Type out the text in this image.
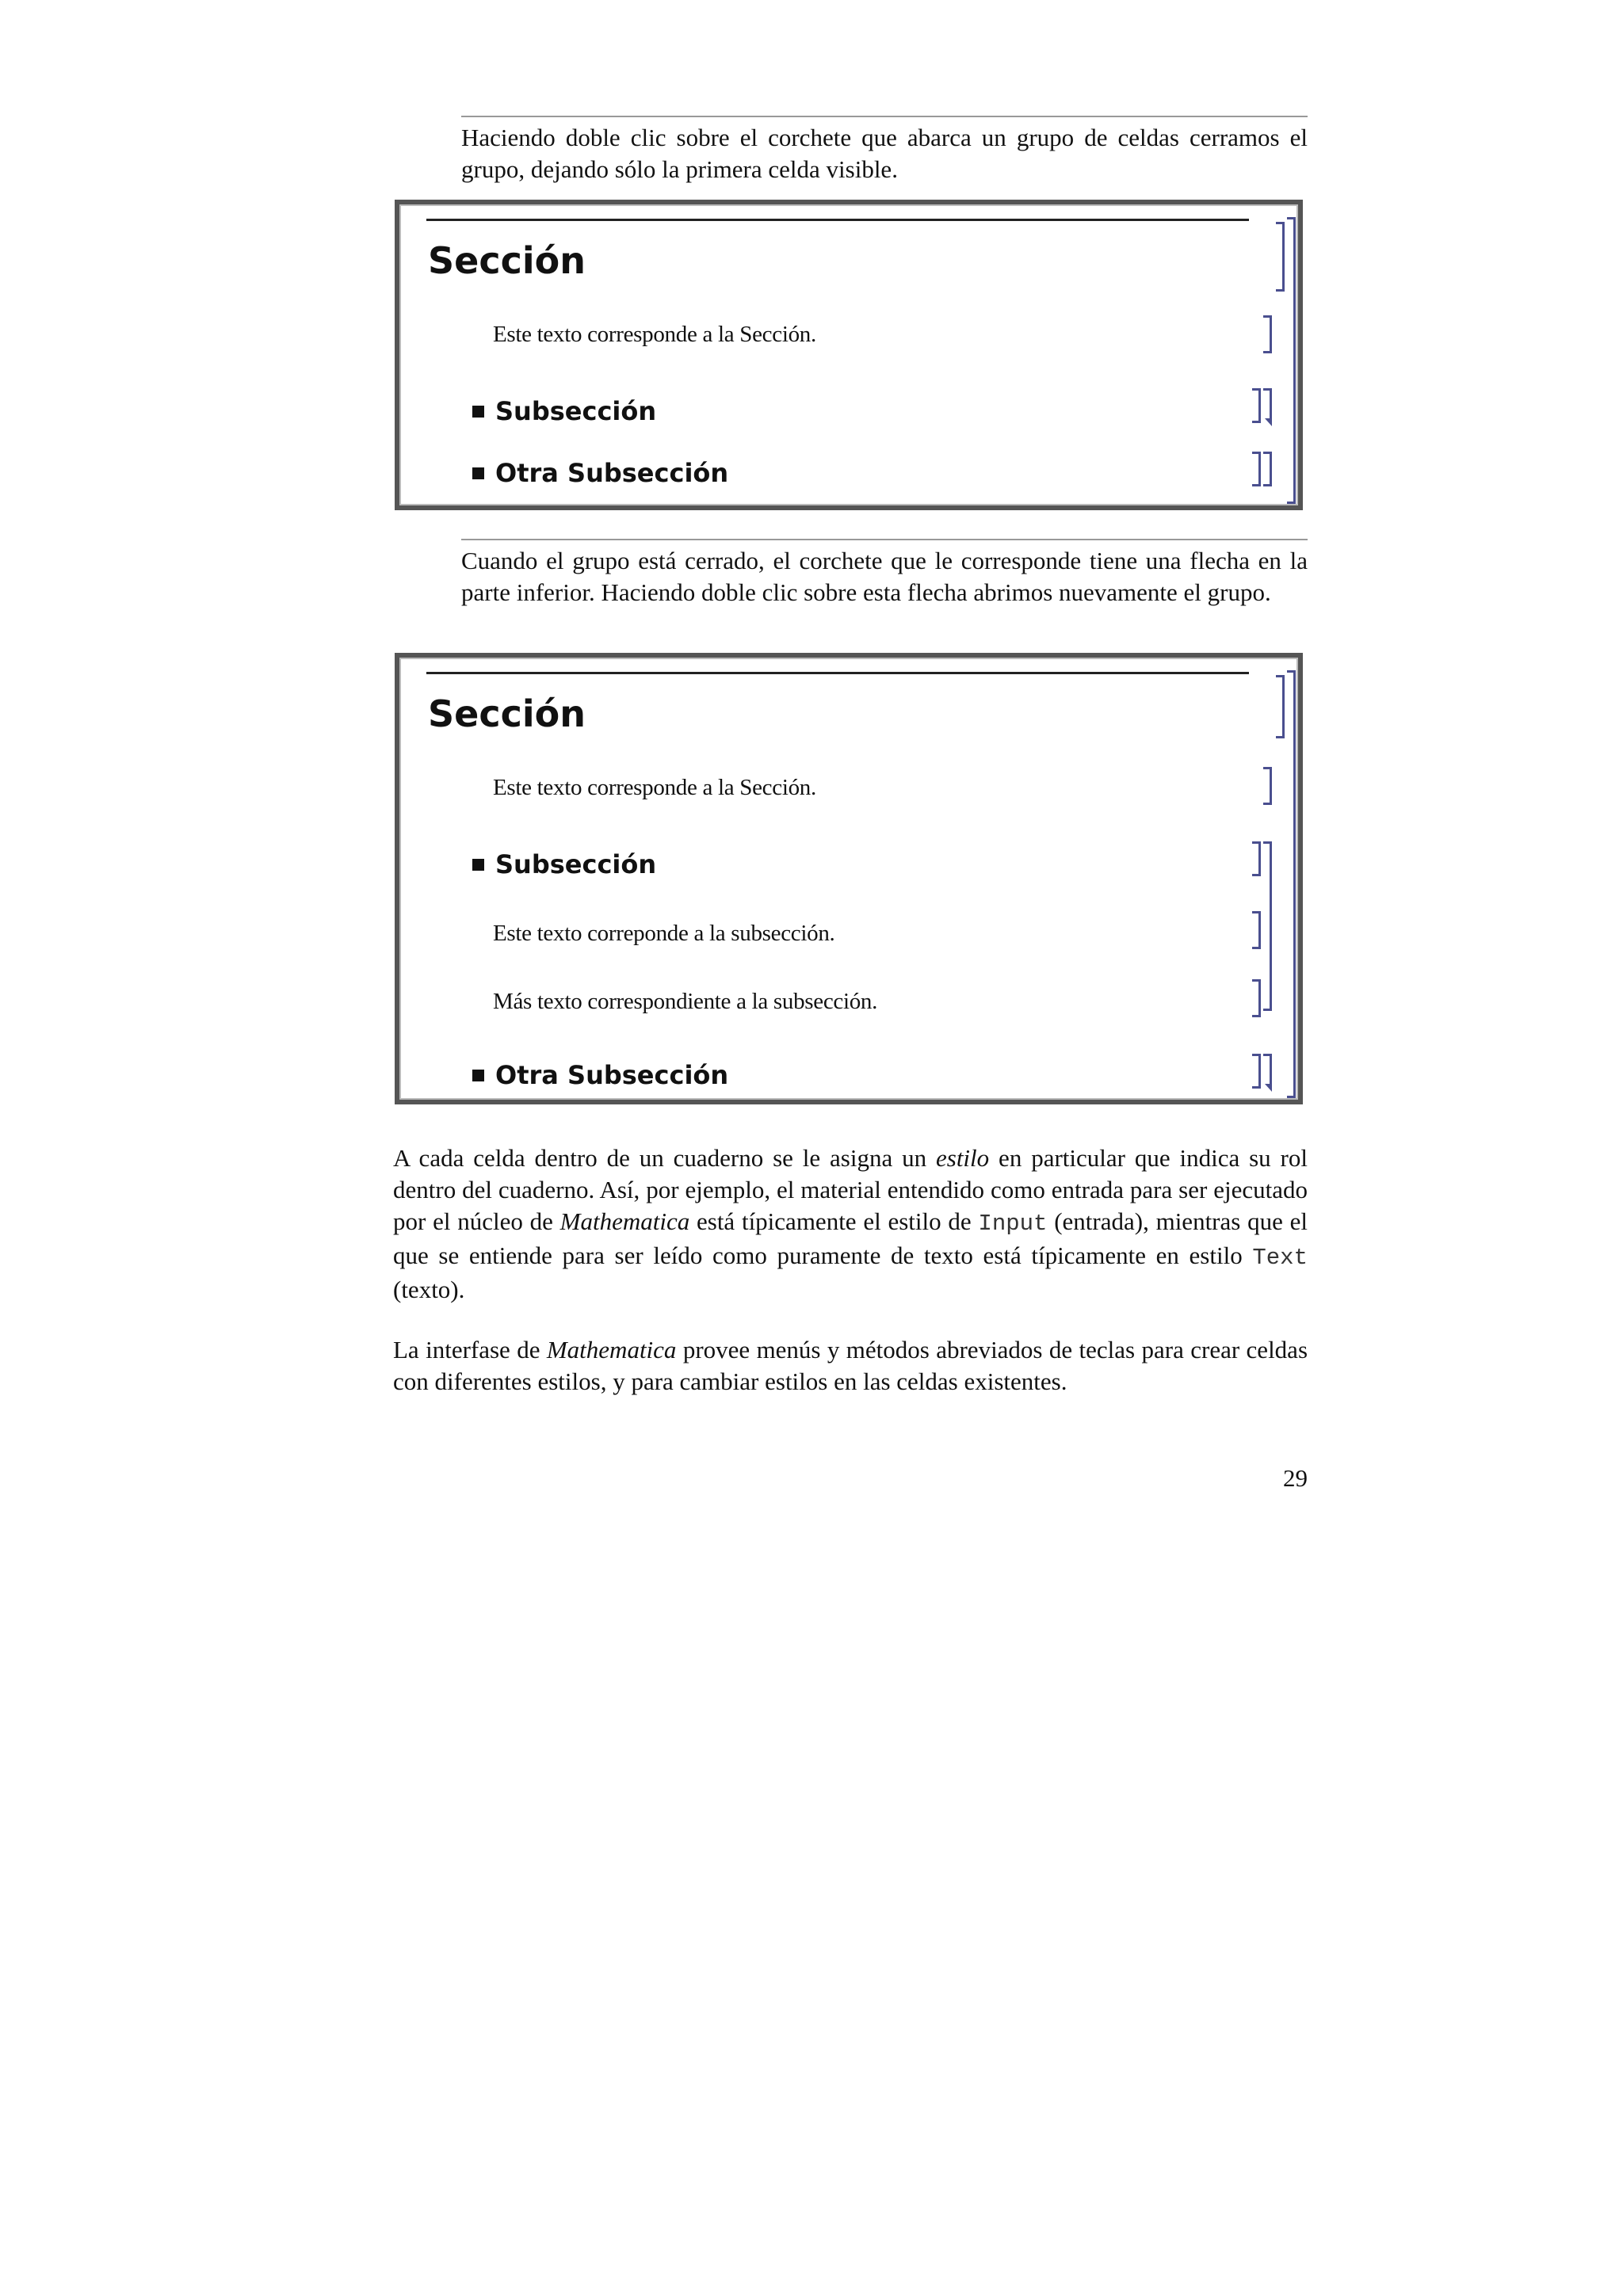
Haciendo doble clic sobre el corchete que abarca un grupo de celdas cerramos el grupo, dejando sólo la primera celda visible.
Sección
Este texto corresponde a la Sección.
Subsección
Otra Subsección
Cuando el grupo está cerrado, el corchete que le corresponde tiene una flecha en la parte inferior. Haciendo doble clic sobre esta flecha abrimos nuevamente el grupo.
Sección
Este texto corresponde a la Sección.
Subsección
Este texto correponde a la subsección.
Más texto correspondiente a la subsección.
Otra Subsección
A cada celda dentro de un cuaderno se le asigna un estilo en particular que indica su rol dentro del cuaderno. Así, por ejemplo, el material entendido como entrada para ser ejecutado por el núcleo de Mathematica está típicamente el estilo de Input (entrada), mientras que el que se entiende para ser leído como puramente de texto está típicamente en estilo Text (texto).
La interfase de Mathematica provee menús y métodos abreviados de teclas para crear celdas con diferentes estilos, y para cambiar estilos en las celdas existentes.
29
